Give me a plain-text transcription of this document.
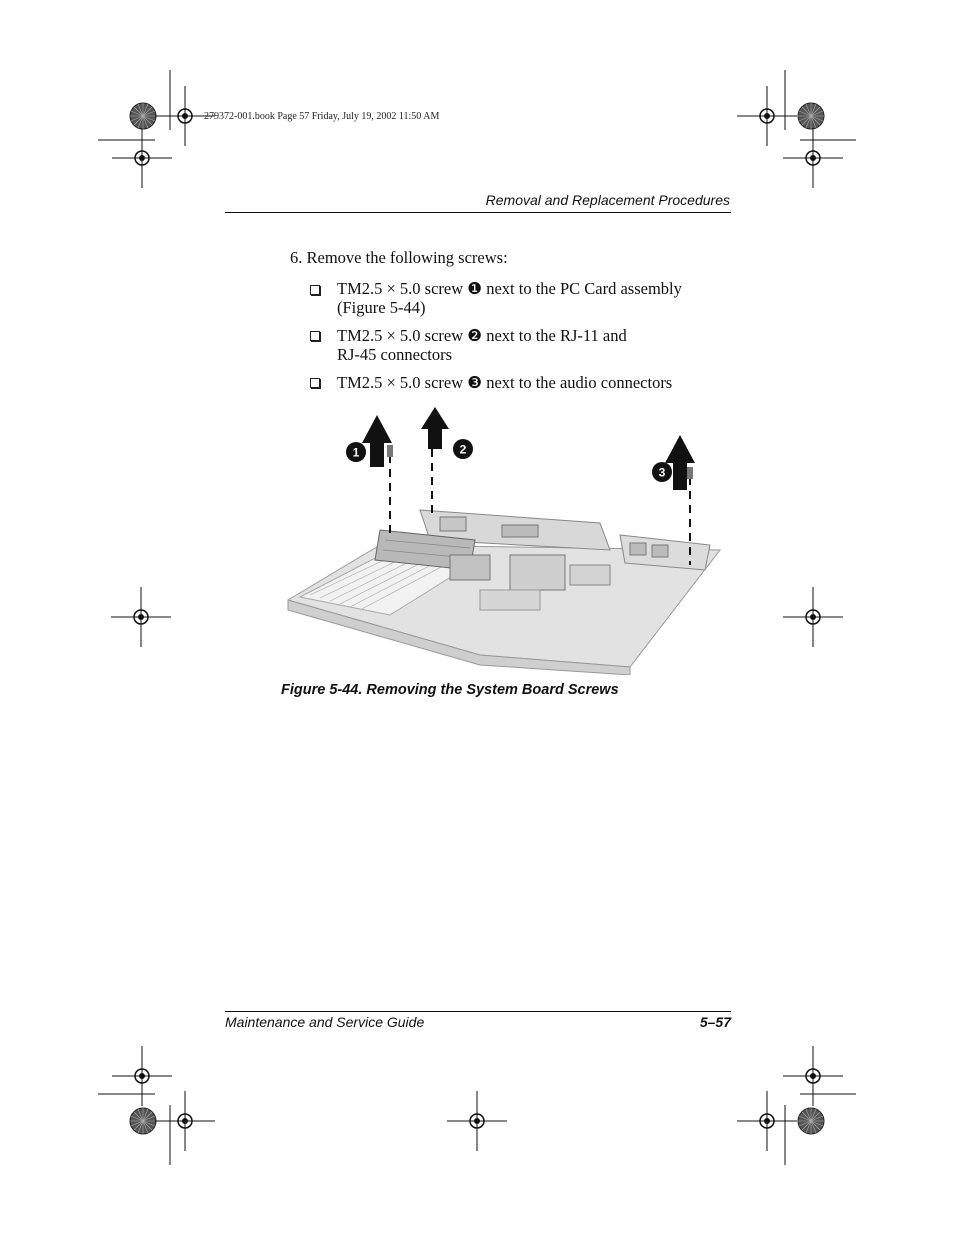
279372-001.book Page 57 Friday, July 19, 2002 11:50 AM
Removal and Replacement Procedures
6. Remove the following screws:
TM2.5 × 5.0 screw ❶ next to the PC Card assembly
(Figure 5-44)
TM2.5 × 5.0 screw ❷ next to the RJ-11 and
RJ-45 connectors
TM2.5 × 5.0 screw ❸ next to the audio connectors
1	2
3
Figure 5-44. Removing the System Board Screws
Maintenance and Service Guide	5–57
